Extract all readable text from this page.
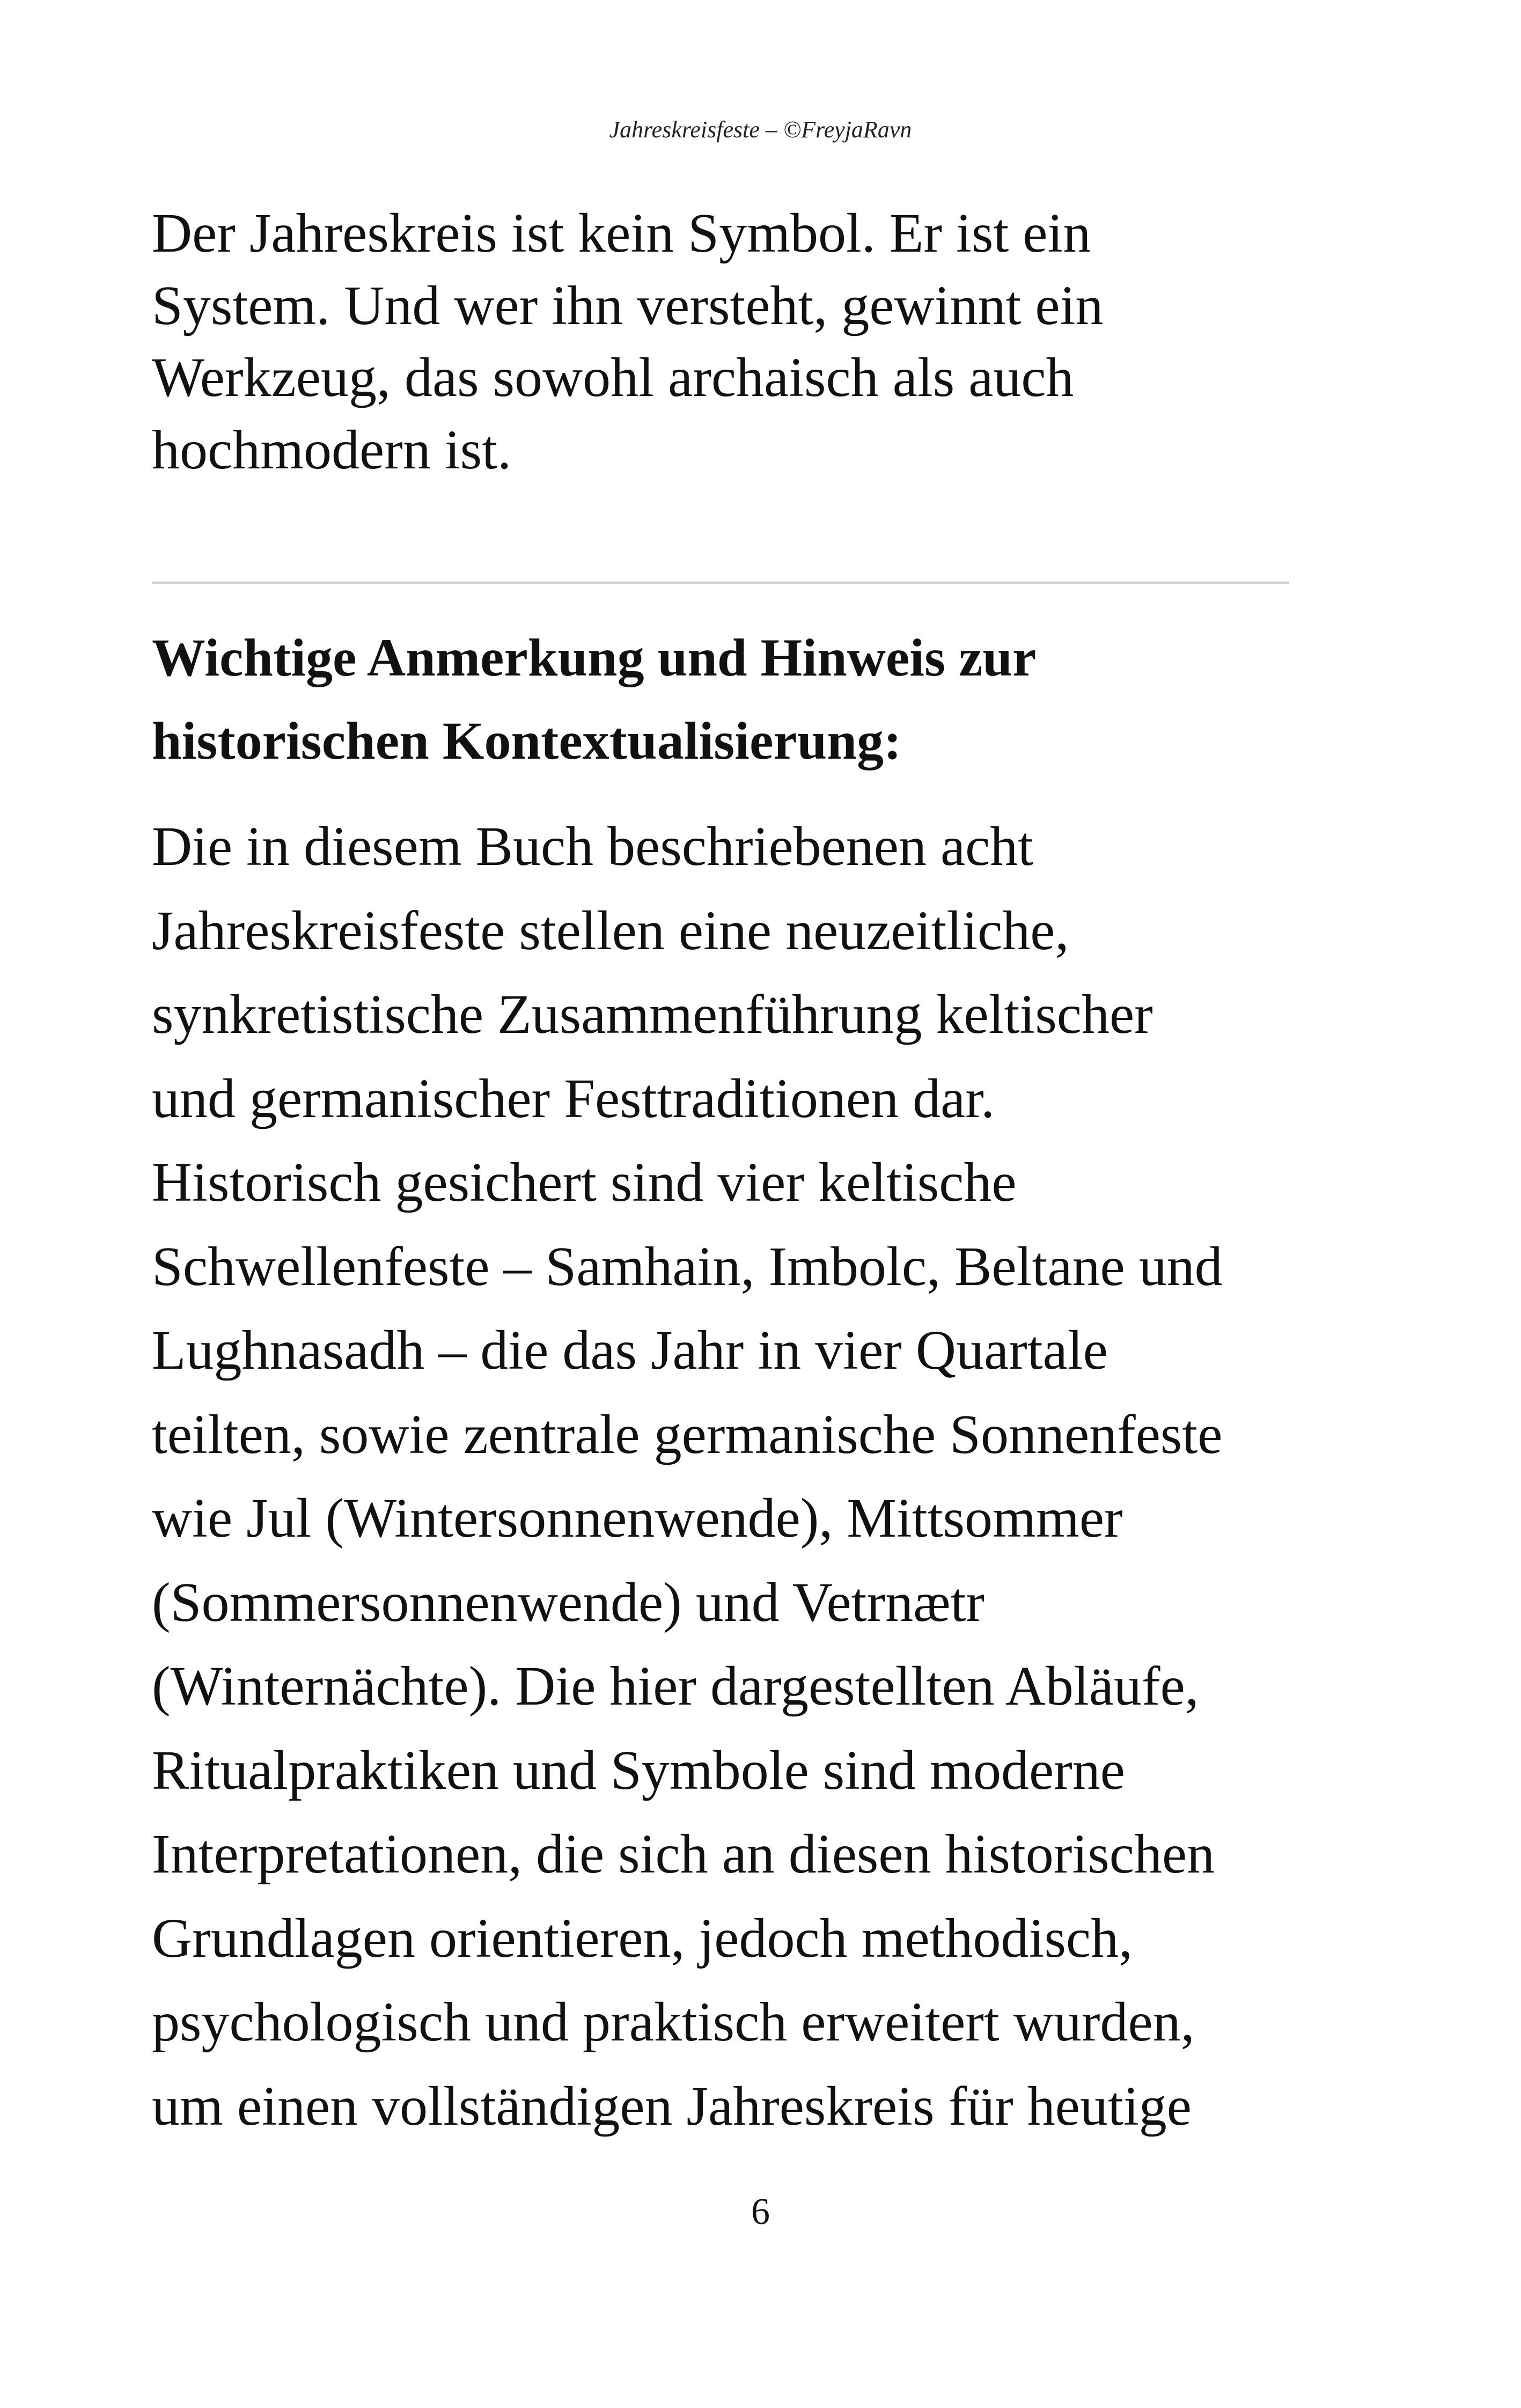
Jahreskreisfeste – ©FreyjaRavn
Der Jahreskreis ist kein Symbol. Er ist ein
System. Und wer ihn versteht, gewinnt ein
Werkzeug, das sowohl archaisch als auch
hochmodern ist.
Wichtige Anmerkung und Hinweis zur
historischen Kontextualisierung:
Die in diesem Buch beschriebenen acht
Jahreskreisfeste stellen eine neuzeitliche,
synkretistische Zusammenführung keltischer
und germanischer Festtraditionen dar.
Historisch gesichert sind vier keltische
Schwellenfeste – Samhain, Imbolc, Beltane und
Lughnasadh – die das Jahr in vier Quartale
teilten, sowie zentrale germanische Sonnenfeste
wie Jul (Wintersonnenwende), Mittsommer
(Sommersonnenwende) und Vetrnætr
(Winternächte). Die hier dargestellten Abläufe,
Ritualpraktiken und Symbole sind moderne
Interpretationen, die sich an diesen historischen
Grundlagen orientieren, jedoch methodisch,
psychologisch und praktisch erweitert wurden,
um einen vollständigen Jahreskreis für heutige
6
